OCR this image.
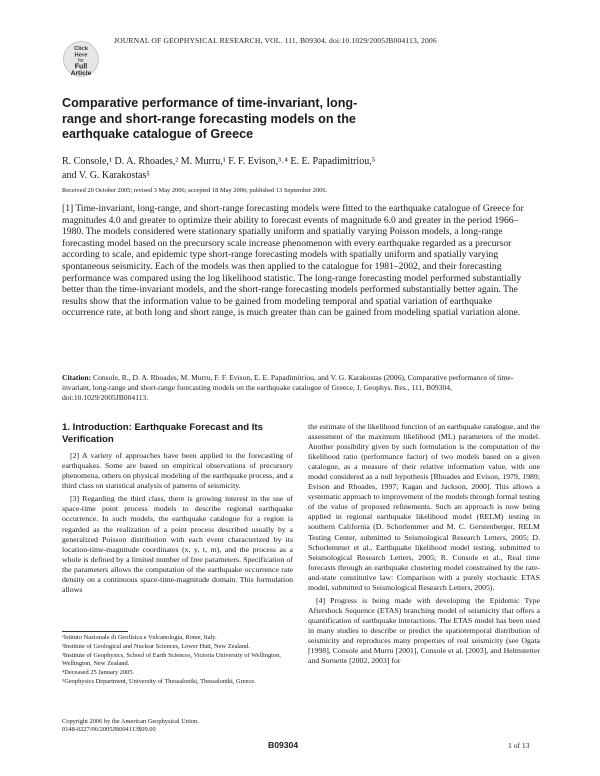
Click
Here
for
Full
Article
JOURNAL OF GEOPHYSICAL RESEARCH, VOL. 111, B09304, doi:10.1029/2005JB004113, 2006
Comparative performance of time-invariant, long-range and short-range forecasting models on the earthquake catalogue of Greece
R. Console,¹ D. A. Rhoades,² M. Murru,¹ F. F. Evison,³˒⁴ E. E. Papadimitriou,⁵
and V. G. Karakostas⁵
Received 20 October 2005; revised 3 May 2006; accepted 18 May 2006; published 13 September 2006.
[1] Time-invariant, long-range, and short-range forecasting models were fitted to the earthquake catalogue of Greece for magnitudes 4.0 and greater to optimize their ability to forecast events of magnitude 6.0 and greater in the period 1966–1980. The models considered were stationary spatially uniform and spatially varying Poisson models, a long-range forecasting model based on the precursory scale increase phenomenon with every earthquake regarded as a precursor according to scale, and epidemic type short-range forecasting models with spatially uniform and spatially varying spontaneous seismicity. Each of the models was then applied to the catalogue for 1981–2002, and their forecasting performance was compared using the log likelihood statistic. The long-range forecasting model performed substantially better than the time-invariant models, and the short-range forecasting models performed substantially better again. The results show that the information value to be gained from modeling temporal and spatial variation of earthquake occurrence rate, at both long and short range, is much greater than can be gained from modeling spatial variation alone.
Citation: Console, R., D. A. Rhoades, M. Murru, F. F. Evison, E. E. Papadimitriou, and V. G. Karakostas (2006), Comparative performance of time-invariant, long-range and short-range forecasting models on the earthquake catalogue of Greece, J. Geophys. Res., 111, B09304, doi:10.1029/2005JB004113.
1. Introduction: Earthquake Forecast and Its Verification

[2] A variety of approaches have been applied to the forecasting of earthquakes. Some are based on empirical observations of precursory phenomena, others on physical modeling of the earthquake process, and a third class on statistical analysis of patterns of seismicity.

[3] Regarding the third class, there is growing interest in the use of space-time point process models to describe regional earthquake occurrence. In such models, the earthquake catalogue for a region is regarded as the realization of a point process described usually by a generalized Poisson distribution with each event characterized by its location-time-magnitude coordinates (x, y, t, m), and the process as a whole is defined by a limited number of free parameters. Specification of the parameters allows the computation of the earthquake occurrence rate density on a continuous space-time-magnitude domain. This formulation allows

the estimate of the likelihood function of an earthquake catalogue, and the assessment of the maximum likelihood (ML) parameters of the model. Another possibility given by such formulation is the computation of the likelihood ratio (performance factor) of two models based on a given catalogue, as a measure of their relative information value, with one model considered as a null hypothesis [Rhoades and Evison, 1979, 1989; Evison and Rhoades, 1997; Kagan and Jackson, 2000]. This allows a systematic approach to improvement of the models through formal testing of the value of proposed refinements. Such an approach is now being applied in regional earthquake likelihood model (RELM) testing in southern California (D. Schorlemmer and M. C. Gerstenberger, RELM Testing Center, submitted to Seismological Research Letters, 2005; D. Schorlemmer et al., Earthquake likelihood model testing, submitted to Seismological Research Letters, 2005; R. Console et al., Real time forecasts through an earthquake clustering model constrained by the rate-and-state constitutive law: Comparison with a purely stochastic ETAS model, submitted to Seismological Research Letters, 2005).

[4] Progress is being made with developing the Epidemic Type Aftershock Sequence (ETAS) branching model of seismicity that offers a quantification of earthquake interactions. The ETAS model has been used in many studies to describe or predict the spatiotemporal distribution of seismicity and reproduces many properties of real seismicity (see Ogata [1998], Console and Murru [2001], Console et al. [2003], and Helmstetter and Sornette [2002, 2003] for

¹Istituto Nazionale di Geofisica e Vulcanologia, Rome, Italy.
²Institute of Geological and Nuclear Sciences, Lower Hutt, New Zealand.
³Institute of Geophysics, School of Earth Sciences, Victoria University of Wellington, Wellington, New Zealand.
⁴Deceased 25 January 2005.
⁵Geophysics Department, University of Thessaloniki, Thessaloniki, Greece.
Copyright 2006 by the American Geophysical Union.
0148-0227/06/2005JB004113$09.00
B09304	1 of 13
